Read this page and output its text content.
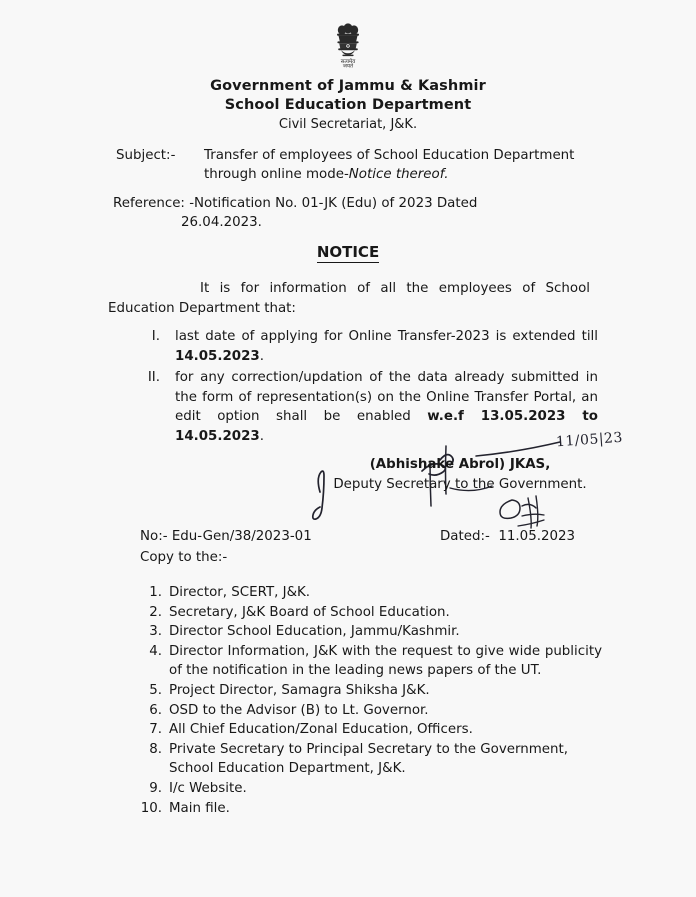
सत्यमेव
जयते
Government of Jammu & Kashmir
School Education Department
Civil Secretariat, J&K.
Subject:-	Transfer of employees of School Education Department through online mode-Notice thereof.
Reference: -Notification No. 01-JK (Edu) of 2023 Dated
26.04.2023.
NOTICE
It is for information of all the employees of School Education Department that:
I. last date of applying for Online Transfer-2023 is extended till 14.05.2023.
II. for any correction/updation of the data already submitted in the form of representation(s) on the Online Transfer Portal, an edit option shall be enabled w.e.f 13.05.2023 to 14.05.2023.	11/05|23
(Abhishake Abrol) JKAS,
Deputy Secretary to the Government.
No:- Edu-Gen/38/2023-01	Dated:- 11.05.2023
Copy to the:-
1. Director, SCERT, J&K.
2. Secretary, J&K Board of School Education.
3. Director School Education, Jammu/Kashmir.
4. Director Information, J&K with the request to give wide publicity of the notification in the leading news papers of the UT.
5. Project Director, Samagra Shiksha J&K.
6. OSD to the Advisor (B) to Lt. Governor.
7. All Chief Education/Zonal Education, Officers.
8. Private Secretary to Principal Secretary to the Government, School Education Department, J&K.
9. I/c Website.
10. Main file.
